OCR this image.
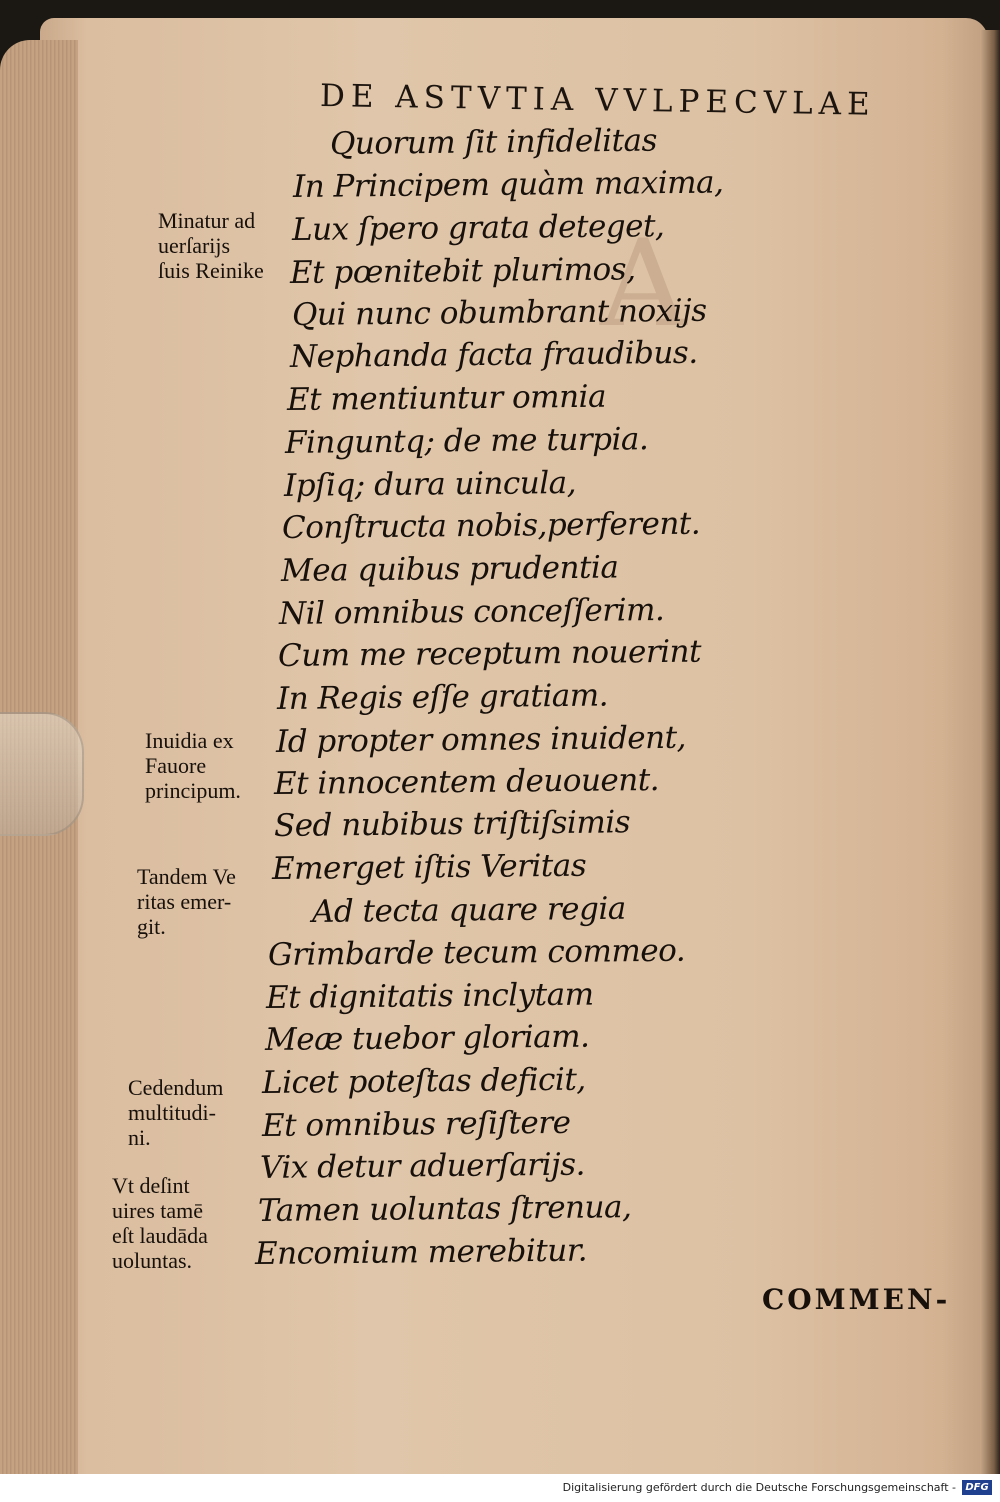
DE ASTVTIA VVLPECVLAE
Quorum ſit infidelitas
In Principem quàm maxima,
Lux ſpero grata deteget,
Et pœnitebit plurimos,
Qui nunc obumbrant noxijs
Nephanda facta fraudibus.
Et mentiuntur omnia
Finguntq; de me turpia.
Ipſiq; dura uincula,
Conſtructa nobis,perferent.
Mea quibus prudentia
Nil omnibus conceſſerim.
Cum me receptum nouerint
In Regis eſſe gratiam.
Id propter omnes inuident,
Et innocentem deuouent.
Sed nubibus triſtiſsimis
Emerget iſtis Veritas
Ad tecta quare regia
Grimbarde tecum commeo.
Et dignitatis inclytam
Meæ tuebor gloriam.
Licet poteſtas deficit,
Et omnibus reſiſtere
Vix detur aduerſarijs.
Tamen uoluntas ſtrenua,
Encomium merebitur.
Minatur ad
uerſarijs
ſuis Reinike
Inuidia ex
Fauore
principum.
Tandem Ve
ritas emer-
git.
Cedendum
multitudi-
ni.
Vt deſint
uires tamē
eſt laudāda
uoluntas.
COMMEN-
Digitalisierung gefördert durch die Deutsche Forschungsgemeinschaft - DFG
